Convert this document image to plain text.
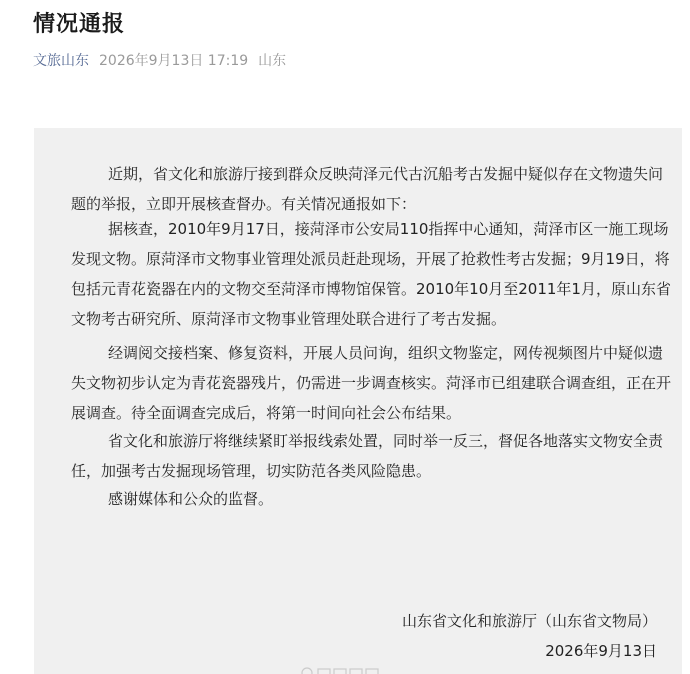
情况通报
文旅山东 2026年9月13日 17:19 山东

近期，省文化和旅游厅接到群众反映菏泽元代古沉船考古发掘中疑似存在文物遗失问题的举报，立即开展核查督办。有关情况通报如下：

据核查，2010年9月17日，接菏泽市公安局110指挥中心通知，菏泽市区一施工现场发现文物。原菏泽市文物事业管理处派员赶赴现场，开展了抢救性考古发掘；9月19日，将包括元青花瓷器在内的文物交至菏泽市博物馆保管。2010年10月至2011年1月，原山东省文物考古研究所、原菏泽市文物事业管理处联合进行了考古发掘。

经调阅交接档案、修复资料，开展人员问询，组织文物鉴定，网传视频图片中疑似遗失文物初步认定为青花瓷器残片，仍需进一步调查核实。菏泽市已组建联合调查组，正在开展调查。待全面调查完成后，将第一时间向社会公布结果。

省文化和旅游厅将继续紧盯举报线索处置，同时举一反三，督促各地落实文物安全责任，加强考古发掘现场管理，切实防范各类风险隐患。

感谢媒体和公众的监督。

山东省文化和旅游厅（山东省文物局）
2026年9月13日
